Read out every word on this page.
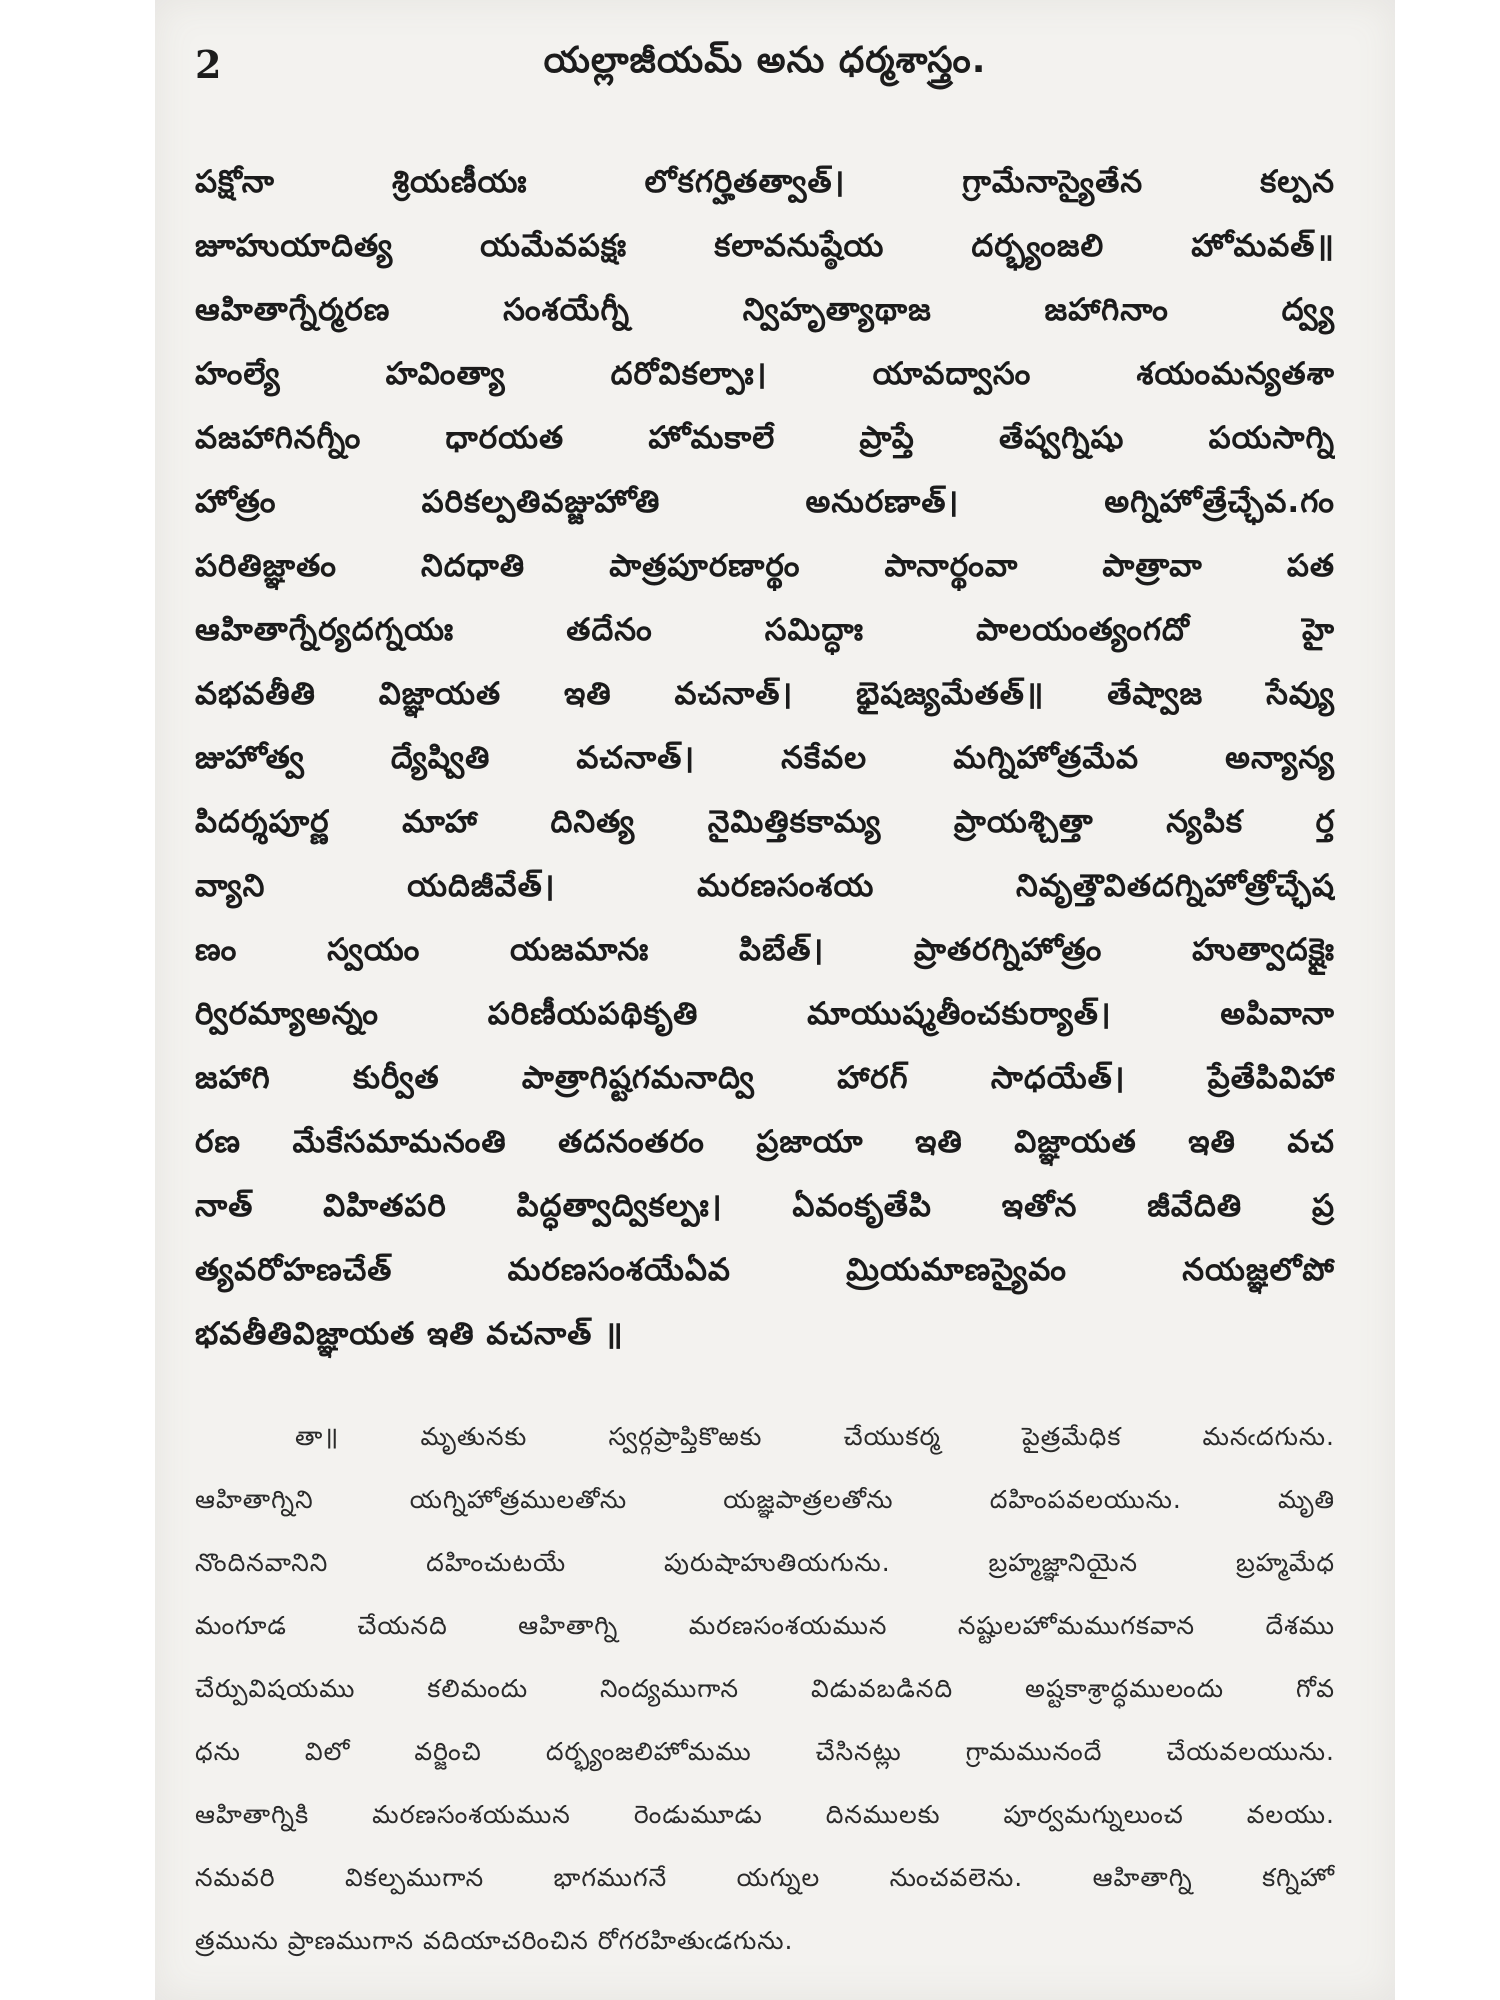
2	యల్లాజీయమ్ అను ధర్మశాస్త్రం.
పక్షోనా శ్రియణీయః లోకగర్హితత్వాత్। గ్రామేనాస్యైతేన కల్పన
జూహుయాదిత్య యమేవపక్షః కలావనుష్ఠేయ దర్భ్యంజలి హోమవత్॥
ఆహితాగ్నేర్మరణ సంశయేగ్నీ న్విహృత్యాథాజ జహాగినాం ద్వ్య
హంల్యే హవింత్యా దరోవికల్పాః। యావద్వాసం శయంమన్యతశా
వజహాగినగ్నీం ధారయత హోమకాలే ప్రాప్తే తేష్వగ్నిషు పయసాగ్ని
హోత్రం పరికల్పతివజ్జుహోతి అనురణాత్। అగ్నిహోత్రేచ్ఛేవ.గం
పరితిజ్ఞాతం నిదధాతి పాత్రపూరణార్థం పానార్థంవా పాత్రావా పత
ఆహితాగ్నేర్యదగ్నయః తదేనం సమిద్ధాః పాలయంత్యంగదో హై
వభవతీతి విజ్ఞాయత ఇతి వచనాత్। భైషజ్యమేతత్॥ తేష్వాజ సేవ్యు
జుహోత్వ ద్యేష్వితి వచనాత్। నకేవల మగ్నిహోత్రమేవ అన్యాన్య
పిదర్శపూర్ణ మాహా దినిత్య నైమిత్తికకామ్య ప్రాయశ్చిత్తా న్యపిక ర్త
వ్యాని యదిజీవేత్। మరణసంశయ నివృత్తౌవితదగ్నిహోత్రోచ్ఛేష
ణం స్వయం యజమానః పిబేత్। ప్రాతరగ్నిహోత్రం హుత్వాదక్షైః
ర్విరమ్యాఅన్నం పరిణీయపథికృతి మాయుష్మతీంచకుర్యాత్। అపివానా
జహాగి కుర్వీత పాత్రాగిష్టగమనాద్వి హారగ్ సాధయేత్। ప్రేతేపివిహా
రణ మేకేసమామనంతి తదనంతరం ప్రజాయా ఇతి విజ్ఞాయత ఇతి వచ
నాత్ విహితపరి పిద్ధత్వాద్వికల్పః। ఏవంకృతేపి ఇతోన జీవేదితి ప్ర
త్యవరోహణచేత్ మరణసంశయేఏవ మ్రియమాణస్యైవం నయజ్ఞలోపో
భవతీతివిజ్ఞాయత ఇతి వచనాత్ ॥
తా॥ మృతునకు స్వర్గప్రాప్తికొఱకు చేయుకర్మ పైత్రమేధిక మనఁదగును.
ఆహితాగ్నిని యగ్నిహోత్రములతోను యజ్ఞపాత్రలతోను దహింపవలయును. మృతి
నొందినవానిని దహించుటయే పురుషాహుతియగును. బ్రహ్మజ్ఞానియైన బ్రహ్మమేధ
మంగూడ చేయనది ఆహితాగ్ని మరణసంశయమున నష్టులహోమముగకవాన దేశము
చేర్పువిషయము కలిమందు నింద్యముగాన విడువబడినది అష్టకాశ్రాద్ధములందు గోవ
ధను విలో వర్జించి దర్భ్యంజలిహోమము చేసినట్లు గ్రామమునందే చేయవలయును.
ఆహితాగ్నికి మరణసంశయమున రెండుమూడు దినములకు పూర్వమగ్నులుంచ వలయు.
నమవరి వికల్పముగాన భాగముగనే యగ్నుల నుంచవలెను. ఆహితాగ్ని కగ్నిహో
త్రమును ప్రాణముగాన వదియాచరించిన రోగరహితుఁడగును.
